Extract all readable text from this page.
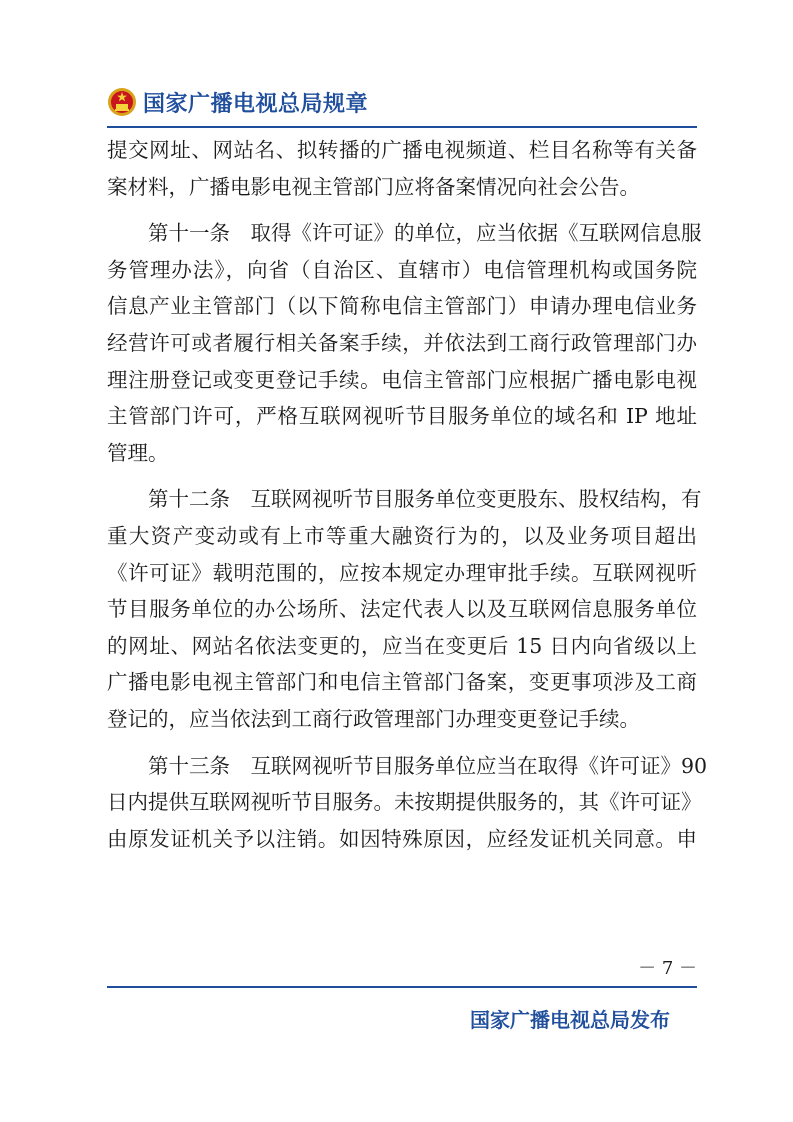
国家广播电视总局规章
提交网址、网站名、拟转播的广播电视频道、栏目名称等有关备
案材料，广播电影电视主管部门应将备案情况向社会公告。
第十一条　取得《许可证》的单位，应当依据《互联网信息服
务管理办法》，向省（自治区、直辖市）电信管理机构或国务院
信息产业主管部门（以下简称电信主管部门）申请办理电信业务
经营许可或者履行相关备案手续，并依法到工商行政管理部门办
理注册登记或变更登记手续。电信主管部门应根据广播电影电视
主管部门许可，严格互联网视听节目服务单位的域名和 IP 地址
管理。
第十二条　互联网视听节目服务单位变更股东、股权结构，有
重大资产变动或有上市等重大融资行为的，以及业务项目超出
《许可证》载明范围的，应按本规定办理审批手续。互联网视听
节目服务单位的办公场所、法定代表人以及互联网信息服务单位
的网址、网站名依法变更的，应当在变更后 15 日内向省级以上
广播电影电视主管部门和电信主管部门备案，变更事项涉及工商
登记的，应当依法到工商行政管理部门办理变更登记手续。
第十三条　互联网视听节目服务单位应当在取得《许可证》90
日内提供互联网视听节目服务。未按期提供服务的，其《许可证》
由原发证机关予以注销。如因特殊原因，应经发证机关同意。申
－ 7 －
国家广播电视总局发布
